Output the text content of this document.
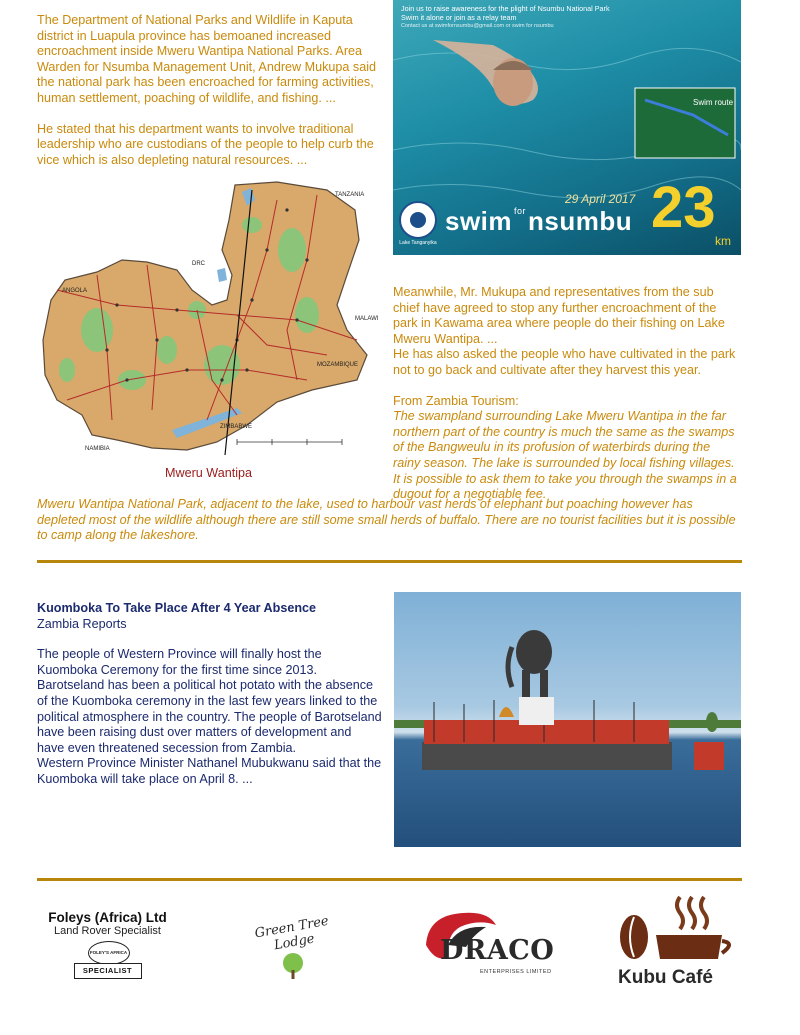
The Department of National Parks and Wildlife in Kaputa district in Luapula province has bemoaned increased encroachment inside Mweru Wantipa National Parks. Area Warden for Nsumba Management Unit, Andrew Mukupa said the national park has been encroached for farming activities, human settlement, poaching of wildlife, and fishing. ...

He stated that his department wants to involve traditional leadership who are custodians of the people to help curb the vice which is also depleting natural resources. ...

TANZANIA
DRC
ANGOLA
MALAWI
MOZAMBIQUE
ZIMBABWE
NAMIBIA
Mweru Wantipa
Swim route
Lake Tanganyika
Join us to raise awareness for the plight of Nsumbu National Park
Swim it alone or join as a relay team
Contact us at swimfornsumbu@gmail.com or swim for nsumbu
29 April 2017
swim $^{for}$nsumbu 23
km

Meanwhile, Mr. Mukupa and representatives from the sub chief have agreed to stop any further encroachment of the park in Kawama area where people do their fishing on Lake Mweru Wantipa. ...

He has also asked the people who have cultivated in the park not to go back and cultivate after they harvest this year.

From Zambia Tourism:

The swampland surrounding Lake Mweru Wantipa in the far northern part of the country is much the same as the swamps of the Bangweulu in its profusion of waterbirds during the rainy season. The lake is surrounded by local fishing villages. It is possible to ask them to take you through the swamps in a dugout for a negotiable fee.

Mweru Wantipa National Park, adjacent to the lake, used to harbour vast herds of elephant but poaching however has depleted most of the wildlife although there are still some small herds of buffalo. There are no tourist facilities but it is possible to camp along the lakeshore.

Kuomboka To Take Place After 4 Year Absence
Zambia Reports

The people of Western Province will finally host the Kuomboka Ceremony for the first time since 2013. Barotseland has been a political hot potato with the absence of the Kuomboka ceremony in the last few years linked to the political atmosphere in the country. The people of Barotseland have been raising dust over matters of development and have even threatened secession from Zambia.

Western Province Minister Nathanel Mubukwanu said that the Kuomboka will take place on April 8. ...

Foleys (Africa) Ltd
Land Rover Specialist
FOLEY'S AFRICA
SPECIALIST
Green Tree Lodge	DRACO
ENTERPRISES LIMITED	Kubu Café
